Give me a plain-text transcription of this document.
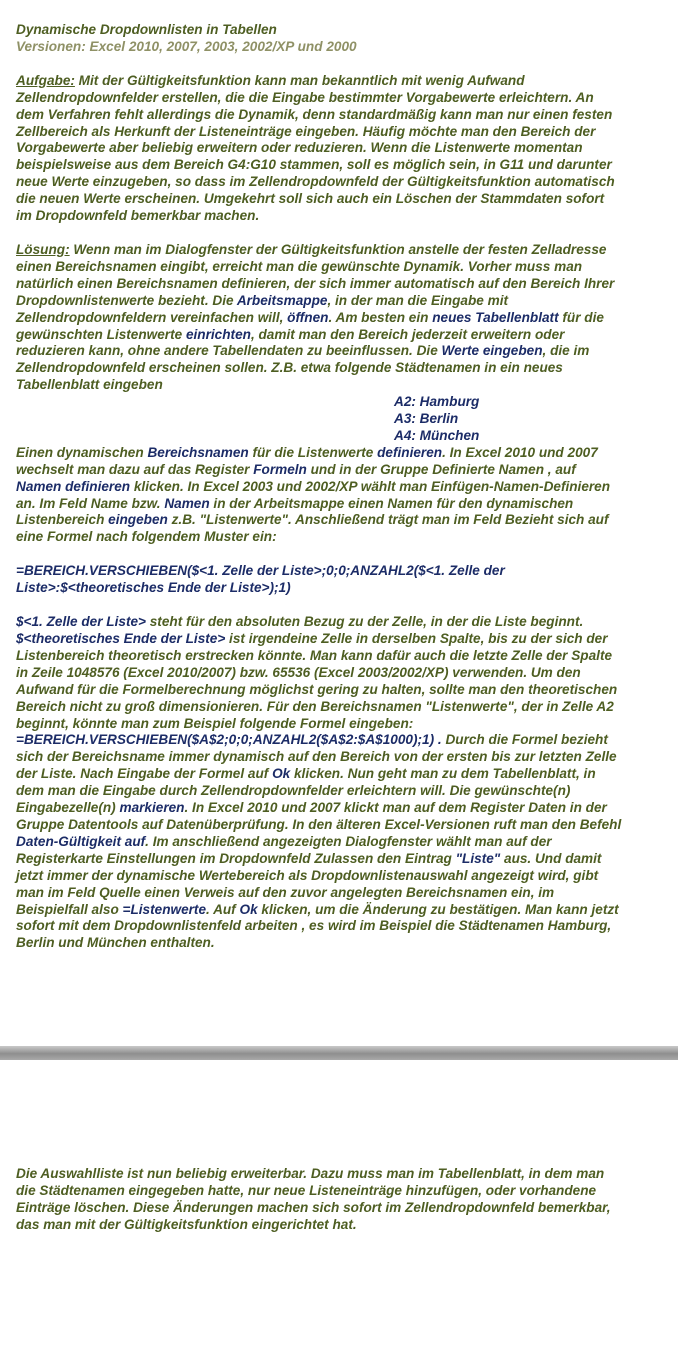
Dynamische Dropdownlisten in Tabellen

Versionen: Excel 2010, 2007, 2003, 2002/XP und 2000

Aufgabe: Mit der Gültigkeitsfunktion kann man bekanntlich mit wenig Aufwand Zellendropdownfelder erstellen, die die Eingabe bestimmter Vorgabewerte erleichtern. An dem Verfahren fehlt allerdings die Dynamik, denn standardmäßig kann man nur einen festen Zellbereich als Herkunft der Listeneinträge eingeben. Häufig möchte man den Bereich der Vorgabewerte aber beliebig erweitern oder reduzieren. Wenn die Listenwerte momentan beispielsweise aus dem Bereich G4:G10 stammen, soll es möglich sein, in G11 und darunter neue Werte einzugeben, so dass im Zellendropdownfeld der Gültigkeitsfunktion automatisch die neuen Werte erscheinen. Umgekehrt soll sich auch ein Löschen der Stammdaten sofort im Dropdownfeld bemerkbar machen.

Lösung: Wenn man im Dialogfenster der Gültigkeitsfunktion anstelle der festen Zelladresse einen Bereichsnamen eingibt, erreicht man die gewünschte Dynamik. Vorher muss man natürlich einen Bereichsnamen definieren, der sich immer automatisch auf den Bereich Ihrer Dropdownlistenwerte bezieht. Die Arbeitsmappe, in der man die Eingabe mit Zellendropdownfeldern vereinfachen will, öffnen. Am besten ein neues Tabellenblatt für die gewünschten Listenwerte einrichten, damit man den Bereich jederzeit erweitern oder reduzieren kann, ohne andere Tabellendaten zu beeinflussen. Die Werte eingeben, die im Zellendropdownfeld erscheinen sollen. Z.B. etwa folgende Städtenamen in ein neues Tabellenblatt eingeben

A2: Hamburg

A3: Berlin

A4: München

Einen dynamischen Bereichsnamen für die Listenwerte definieren. In Excel 2010 und 2007 wechselt man dazu auf das Register Formeln und in der Gruppe Definierte Namen , auf Namen definieren klicken. In Excel 2003 und 2002/XP wählt man Einfügen-Namen-Definieren an. Im Feld Name bzw. Namen in der Arbeitsmappe einen Namen für den dynamischen Listenbereich eingeben z.B. "Listenwerte". Anschließend trägt man im Feld Bezieht sich auf eine Formel nach folgendem Muster ein:

=BEREICH.VERSCHIEBEN($<1. Zelle der Liste>;0;0;ANZAHL2($<1. Zelle der Liste>:$<theoretisches Ende der Liste>);1)

$<1. Zelle der Liste> steht für den absoluten Bezug zu der Zelle, in der die Liste beginnt.

$<theoretisches Ende der Liste> ist irgendeine Zelle in derselben Spalte, bis zu der sich der Listenbereich theoretisch erstrecken könnte. Man kann dafür auch die letzte Zelle der Spalte in Zeile 1048576 (Excel 2010/2007) bzw. 65536 (Excel 2003/2002/XP) verwenden. Um den Aufwand für die Formelberechnung möglichst gering zu halten, sollte man den theoretischen Bereich nicht zu groß dimensionieren. Für den Bereichsnamen "Listenwerte", der in Zelle A2 beginnt, könnte man zum Beispiel folgende Formel eingeben: =BEREICH.VERSCHIEBEN($A$2;0;0;ANZAHL2($A$2:$A$1000);1) . Durch die Formel bezieht sich der Bereichsname immer dynamisch auf den Bereich von der ersten bis zur letzten Zelle der Liste. Nach Eingabe der Formel auf Ok klicken. Nun geht man zu dem Tabellenblatt, in dem man die Eingabe durch Zellendropdownfelder erleichtern will. Die gewünschte(n) Eingabezelle(n) markieren. In Excel 2010 und 2007 klickt man auf dem Register Daten in der Gruppe Datentools auf Datenüberprüfung. In den älteren Excel-Versionen ruft man den Befehl Daten-Gültigkeit auf. Im anschließend angezeigten Dialogfenster wählt man auf der Registerkarte Einstellungen im Dropdownfeld Zulassen den Eintrag "Liste" aus. Und damit jetzt immer der dynamische Wertebereich als Dropdownlistenauswahl angezeigt wird, gibt man im Feld Quelle einen Verweis auf den zuvor angelegten Bereichsnamen ein, im Beispielfall also =Listenwerte. Auf Ok klicken, um die Änderung zu bestätigen. Man kann jetzt sofort mit dem Dropdownlistenfeld arbeiten , es wird im Beispiel die Städtenamen Hamburg, Berlin und München enthalten.

Die Auswahlliste ist nun beliebig erweiterbar. Dazu muss man im Tabellenblatt, in dem man die Städtenamen eingegeben hatte, nur neue Listeneinträge hinzufügen, oder vorhandene Einträge löschen. Diese Änderungen machen sich sofort im Zellendropdownfeld bemerkbar, das man mit der Gültigkeitsfunktion eingerichtet hat.
